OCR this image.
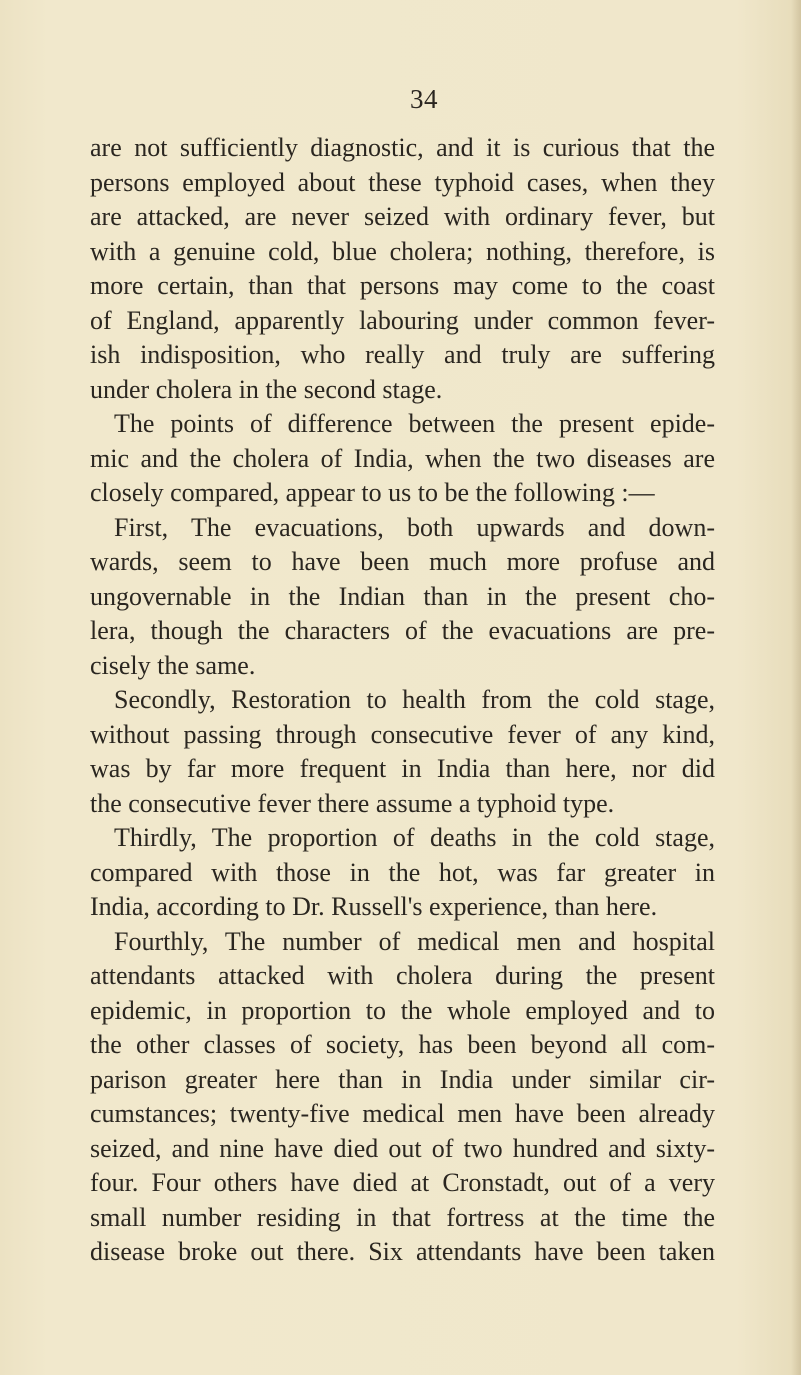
34
are not sufficiently diagnostic, and it is curious that the
persons employed about these typhoid cases, when they
are attacked, are never seized with ordinary fever, but
with a genuine cold, blue cholera; nothing, therefore, is
more certain, than that persons may come to the coast
of England, apparently labouring under common fever-
ish indisposition, who really and truly are suffering
under cholera in the second stage.
The points of difference between the present epide-
mic and the cholera of India, when the two diseases are
closely compared, appear to us to be the following :—
First, The evacuations, both upwards and down-
wards, seem to have been much more profuse and
ungovernable in the Indian than in the present cho-
lera, though the characters of the evacuations are pre-
cisely the same.
Secondly, Restoration to health from the cold stage,
without passing through consecutive fever of any kind,
was by far more frequent in India than here, nor did
the consecutive fever there assume a typhoid type.
Thirdly, The proportion of deaths in the cold stage,
compared with those in the hot, was far greater in
India, according to Dr. Russell's experience, than here.
Fourthly, The number of medical men and hospital
attendants attacked with cholera during the present
epidemic, in proportion to the whole employed and to
the other classes of society, has been beyond all com-
parison greater here than in India under similar cir-
cumstances; twenty-five medical men have been already
seized, and nine have died out of two hundred and sixty-
four. Four others have died at Cronstadt, out of a very
small number residing in that fortress at the time the
disease broke out there. Six attendants have been taken
